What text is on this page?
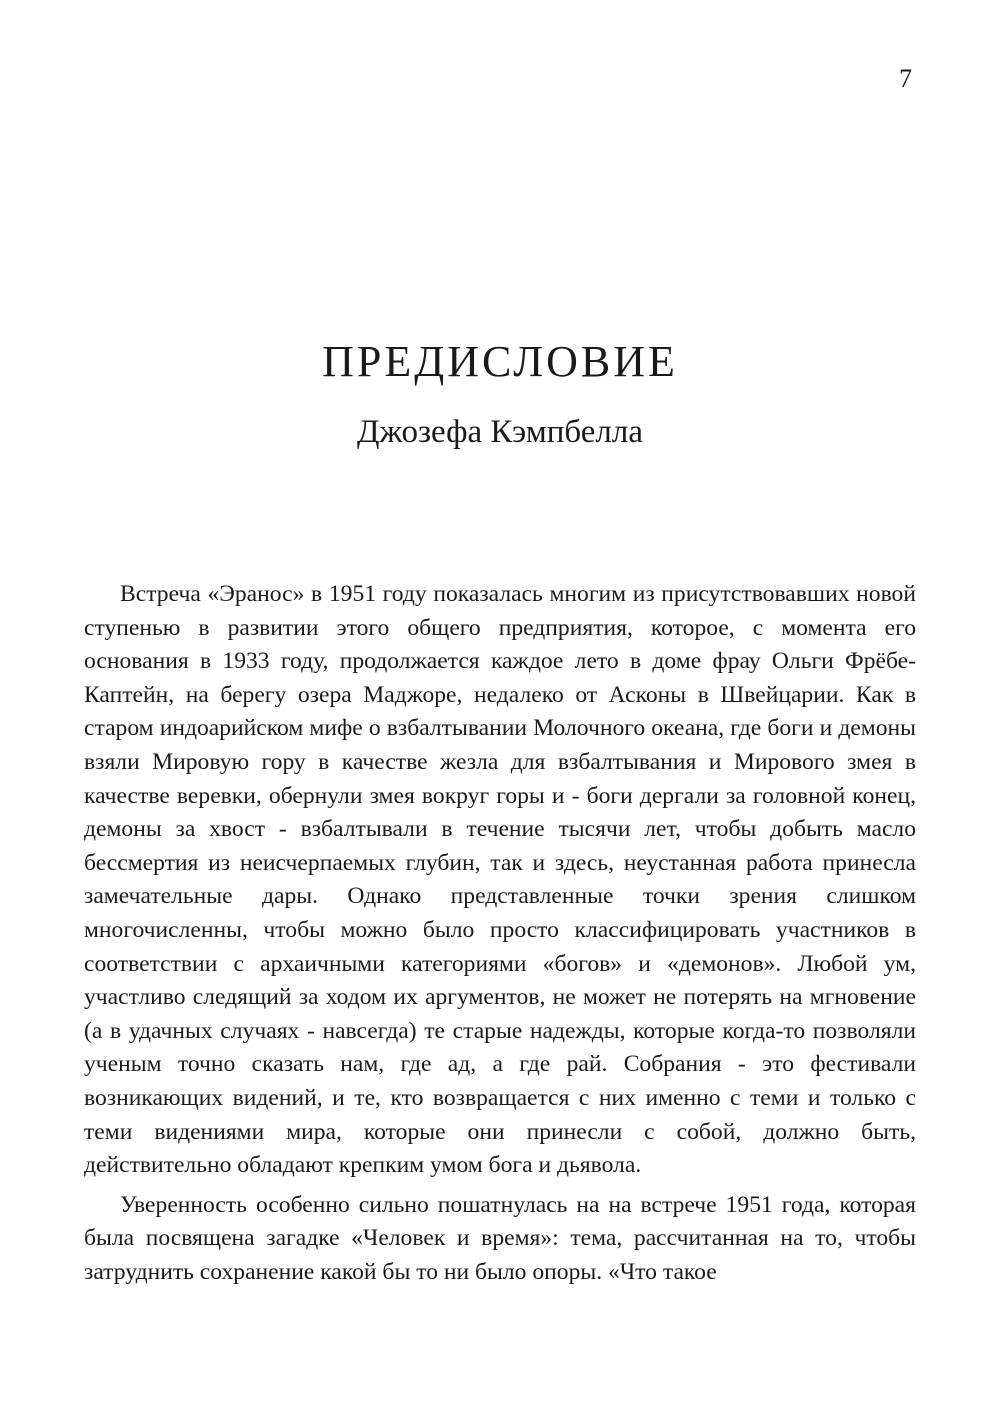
7
ПРЕДИСЛОВИЕ
Джозефа Кэмпбелла

Встреча «Эранос» в 1951 году показалась многим из присутствовавших новой ступенью в развитии этого общего предприятия, которое, с момента его основания в 1933 году, продолжается каждое лето в доме фрау Ольги Фрёбе-Каптейн, на берегу озера Маджоре, недалеко от Асконы в Швейцарии. Как в старом индоарийском мифе о взбалтывании Молочного океана, где боги и демоны взяли Мировую гору в качестве жезла для взбалтывания и Мирового змея в качестве веревки, обернули змея вокруг горы и - боги дергали за головной конец, демоны за хвост - взбалтывали в течение тысячи лет, чтобы добыть масло бессмертия из неисчерпаемых глубин, так и здесь, неустанная работа принесла замечательные дары. Однако представленные точки зрения слишком многочисленны, чтобы можно было просто классифицировать участников в соответствии с архаичными категориями «богов» и «демонов». Любой ум, участливо следящий за ходом их аргументов, не может не потерять на мгновение (а в удачных случаях - навсегда) те старые надежды, которые когда-то позволяли ученым точно сказать нам, где ад, а где рай. Собрания - это фестивали возникающих видений, и те, кто возвращается с них именно с теми и только с теми видениями мира, которые они принесли с собой, должно быть, действительно обладают крепким умом бога и дьявола.

Уверенность особенно сильно пошатнулась на на встрече 1951 года, которая была посвящена загадке «Человек и время»: тема, рассчитанная на то, чтобы затруднить сохранение какой бы то ни было опоры. «Что такое
